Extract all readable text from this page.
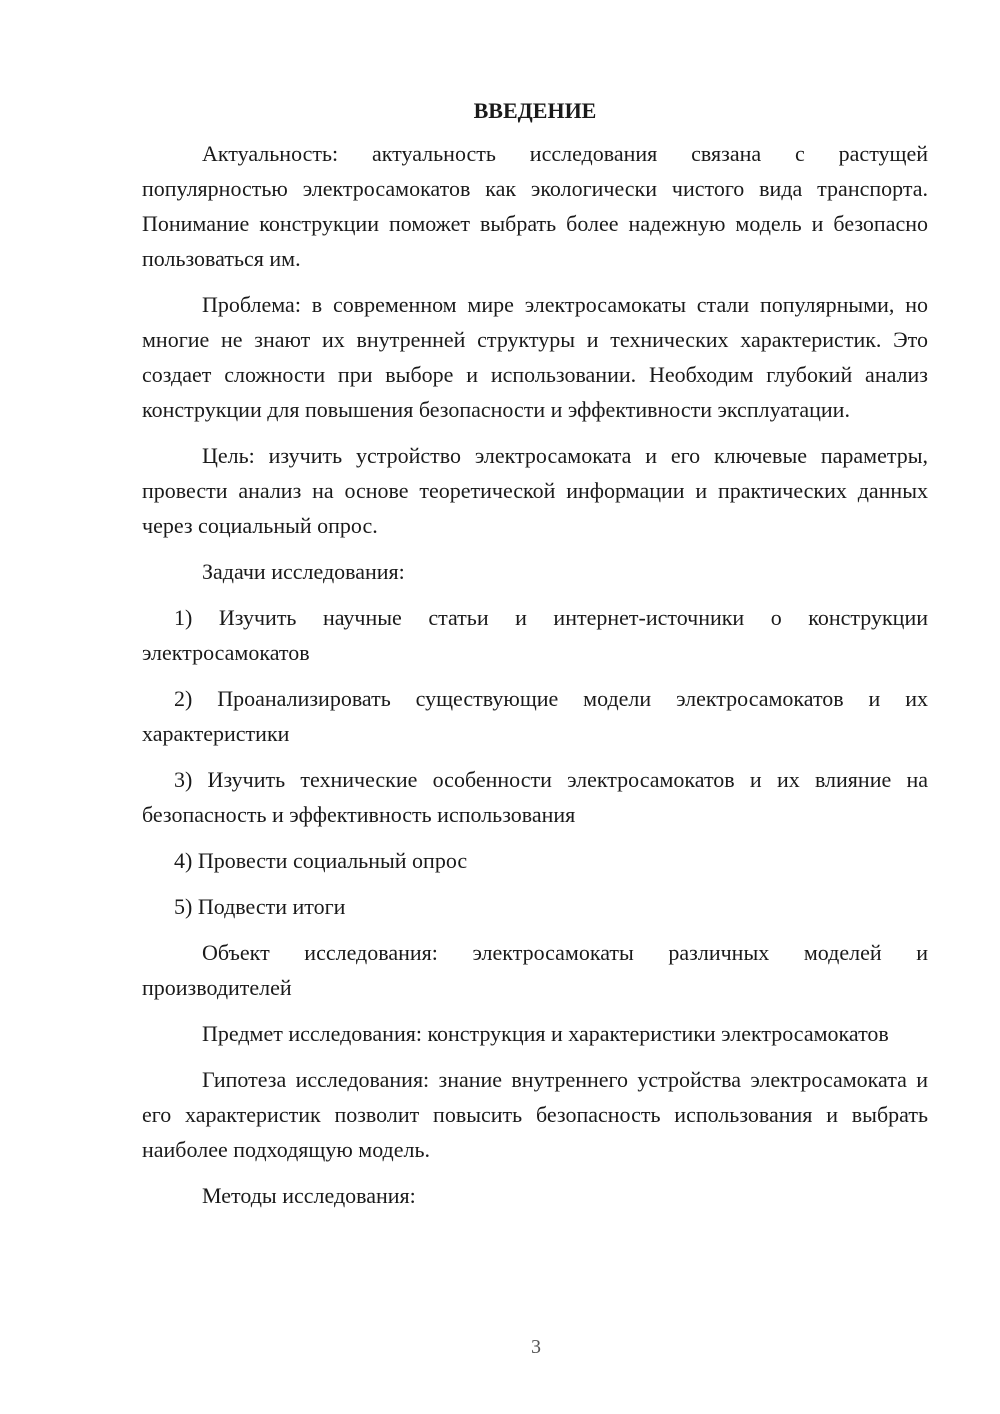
ВВЕДЕНИЕ

Актуальность: актуальность исследования связана с растущей популярностью электросамокатов как экологически чистого вида транспорта. Понимание конструкции поможет выбрать более надежную модель и безопасно пользоваться им.

Проблема: в современном мире электросамокаты стали популярными, но многие не знают их внутренней структуры и технических характеристик. Это создает сложности при выборе и использовании. Необходим глубокий анализ конструкции для повышения безопасности и эффективности эксплуатации.

Цель: изучить устройство электросамоката и его ключевые параметры, провести анализ на основе теоретической информации и практических данных через социальный опрос.

Задачи исследования:

1) Изучить научные статьи и интернет-источники о конструкции электросамокатов

2) Проанализировать существующие модели электросамокатов и их характеристики

3) Изучить технические особенности электросамокатов и их влияние на безопасность и эффективность использования

4) Провести социальный опрос

5) Подвести итоги

Объект исследования: электросамокаты различных моделей и производителей

Предмет исследования: конструкция и характеристики электросамокатов

Гипотеза исследования: знание внутреннего устройства электросамоката и его характеристик позволит повысить безопасность использования и выбрать наиболее подходящую модель.

Методы исследования:

3
